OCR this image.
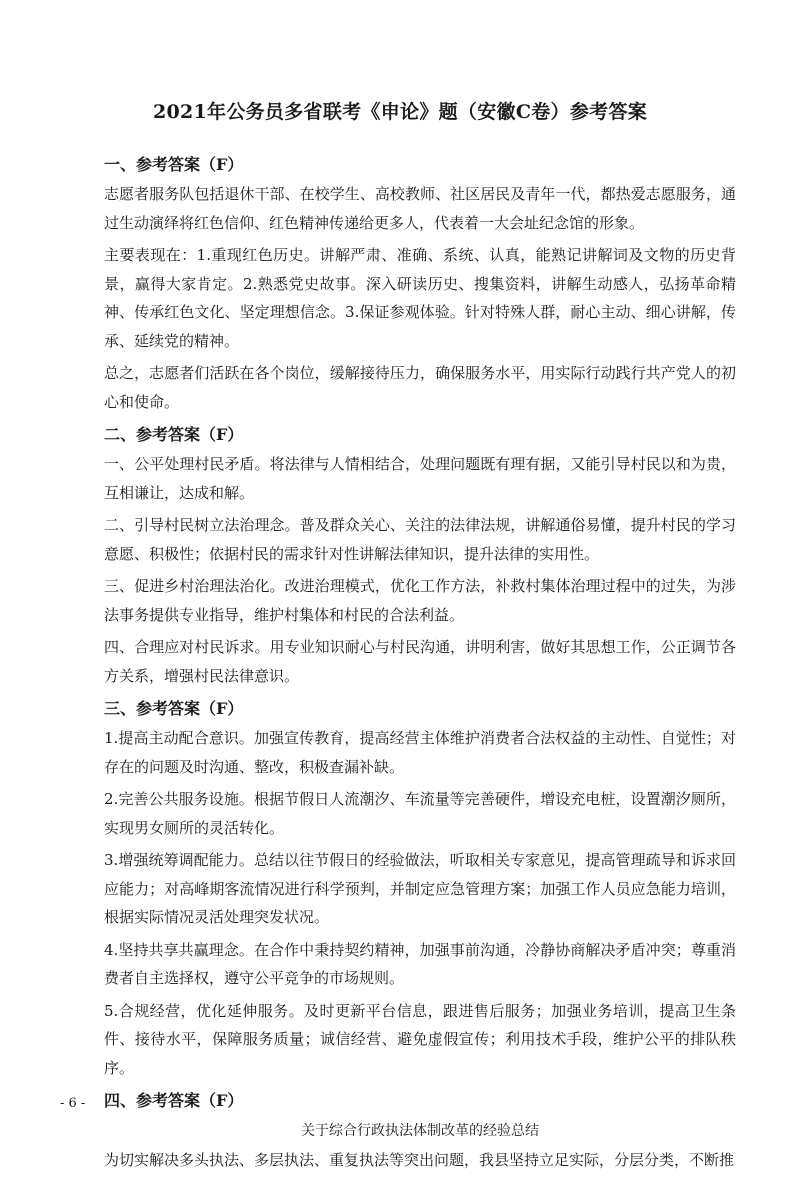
2021年公务员多省联考《申论》题（安徽C卷）参考答案
一、参考答案（F）

志愿者服务队包括退休干部、在校学生、高校教师、社区居民及青年一代，都热爱志愿服务，通过生动演绎将红色信仰、红色精神传递给更多人，代表着一大会址纪念馆的形象。

主要表现在：1.重现红色历史。讲解严肃、准确、系统、认真，能熟记讲解词及文物的历史背景，赢得大家肯定。2.熟悉党史故事。深入研读历史、搜集资料，讲解生动感人，弘扬革命精神、传承红色文化、坚定理想信念。3.保证参观体验。针对特殊人群，耐心主动、细心讲解，传承、延续党的精神。

总之，志愿者们活跃在各个岗位，缓解接待压力，确保服务水平，用实际行动践行共产党人的初心和使命。

二、参考答案（F）

一、公平处理村民矛盾。将法律与人情相结合，处理问题既有理有据，又能引导村民以和为贵，互相谦让，达成和解。

二、引导村民树立法治理念。普及群众关心、关注的法律法规，讲解通俗易懂，提升村民的学习意愿、积极性；依据村民的需求针对性讲解法律知识，提升法律的实用性。

三、促进乡村治理法治化。改进治理模式，优化工作方法，补救村集体治理过程中的过失，为涉法事务提供专业指导，维护村集体和村民的合法利益。

四、合理应对村民诉求。用专业知识耐心与村民沟通，讲明利害，做好其思想工作，公正调节各方关系，增强村民法律意识。

三、参考答案（F）

1.提高主动配合意识。加强宣传教育，提高经营主体维护消费者合法权益的主动性、自觉性；对存在的问题及时沟通、整改，积极查漏补缺。

2.完善公共服务设施。根据节假日人流潮汐、车流量等完善硬件，增设充电桩，设置潮汐厕所，实现男女厕所的灵活转化。

3.增强统筹调配能力。总结以往节假日的经验做法，听取相关专家意见，提高管理疏导和诉求回应能力；对高峰期客流情况进行科学预判，并制定应急管理方案；加强工作人员应急能力培训，根据实际情况灵活处理突发状况。

4.坚持共享共赢理念。在合作中秉持契约精神，加强事前沟通，冷静协商解决矛盾冲突；尊重消费者自主选择权，遵守公平竞争的市场规则。

5.合规经营，优化延伸服务。及时更新平台信息，跟进售后服务；加强业务培训，提高卫生条件、接待水平，保障服务质量；诚信经营、避免虚假宣传；利用技术手段，维护公平的排队秩序。

四、参考答案（F）

关于综合行政执法体制改革的经验总结

为切实解决多头执法、多层执法、重复执法等突出问题，我县坚持立足实际，分层分类，不断推

- 6 -
